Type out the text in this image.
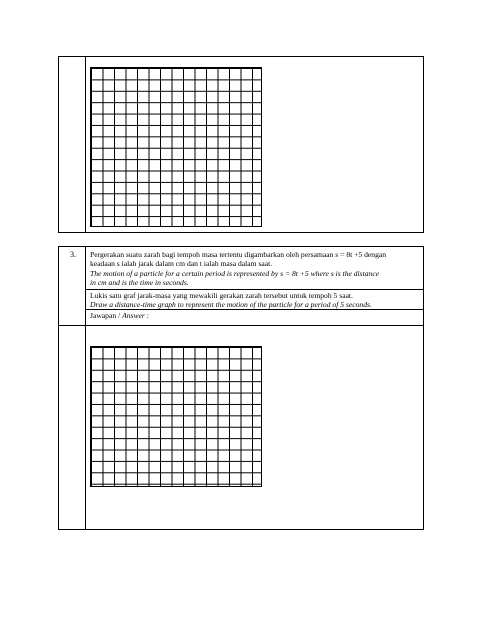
3.	Pergerakan suatu zarah bagi tempoh masa tertentu digambarkan oleh persamaan s = 8t +5 dengan
keadaan s ialah jarak dalam cm dan t ialah masa dalam saat.
The motion of a particle for a certain period is represented by s = 8t +5 where s is the distance
in cm and is the time in seconds.
Lukis satu graf jarak-masa yang mewakili gerakan zarah tersebut untuk tempoh 5 saat.
Draw a distance-time graph to represent the motion of the particle for a period of 5 seconds.
Jawapan / Answer :
